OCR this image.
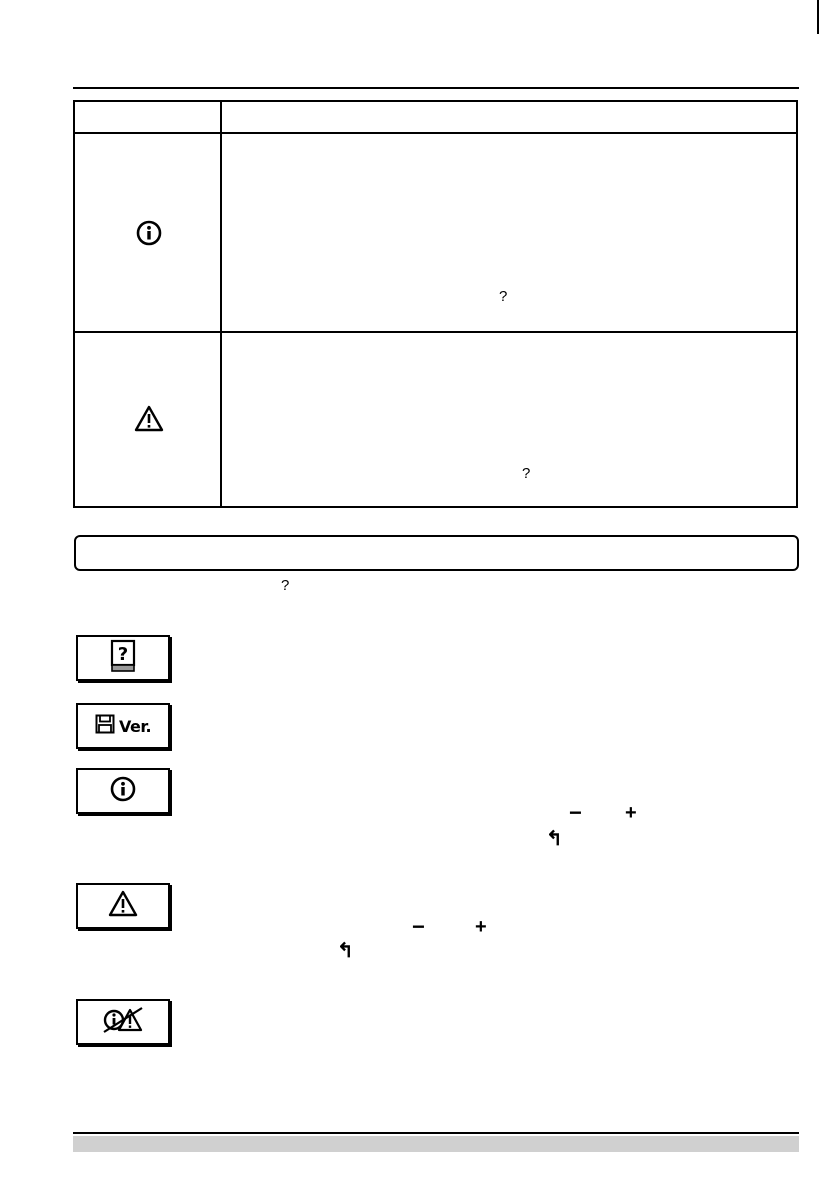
?
?
?
?
Ver.
− +
↰
−	+
↰
